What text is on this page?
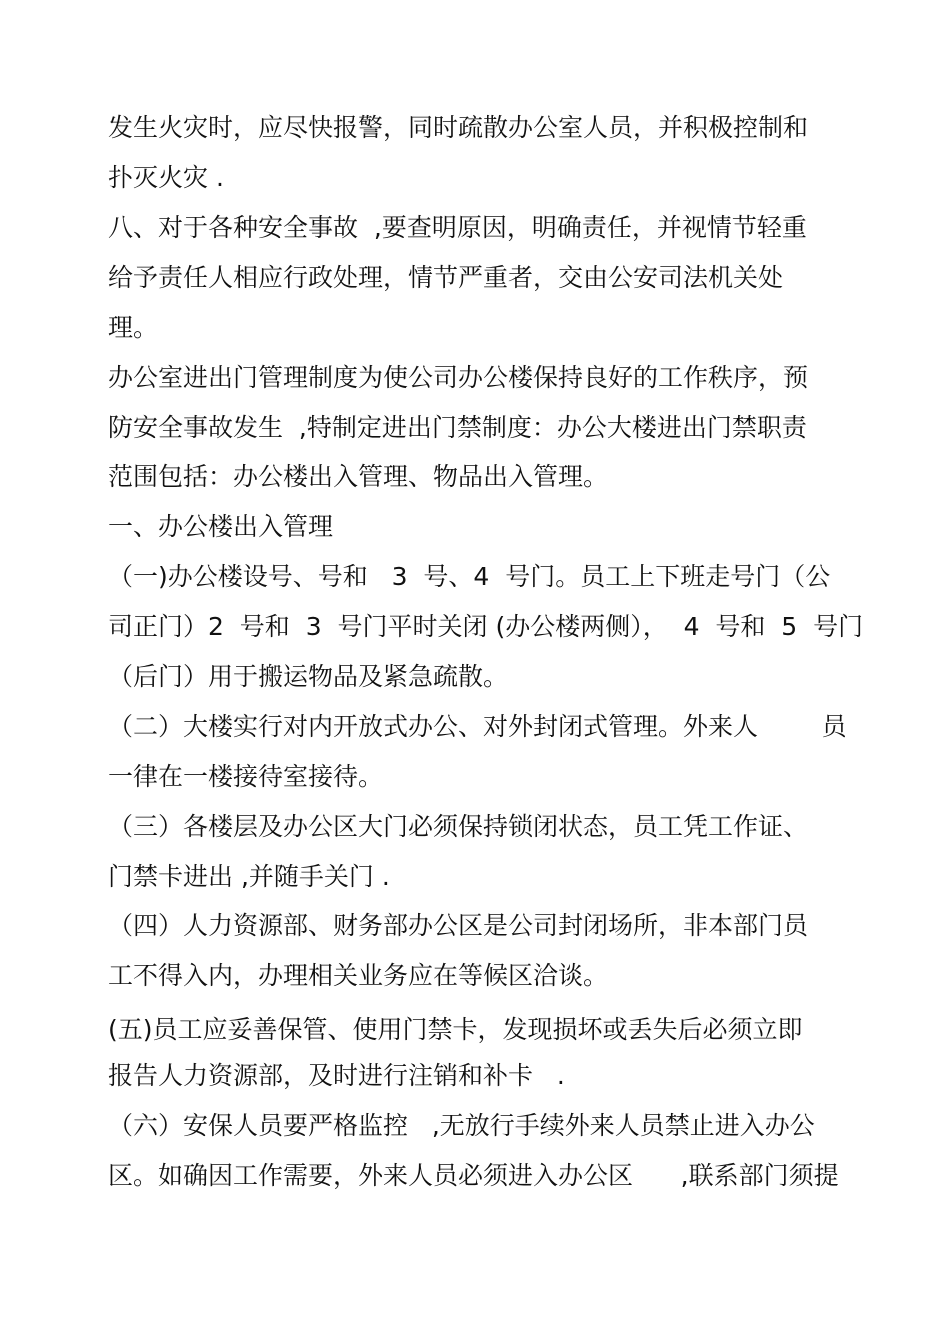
发生火灾时，应尽快报警，同时疏散办公室人员，并积极控制和
扑灭火灾 .
八、对于各种安全事故  ,要查明原因，明确责任，并视情节轻重
给予责任人相应行政处理，情节严重者，交由公安司法机关处
理。
办公室进出门管理制度为使公司办公楼保持良好的工作秩序，预
防安全事故发生  ,特制定进出门禁制度：办公大楼进出门禁职责
范围包括：办公楼出入管理、物品出入管理。
一、办公楼出入管理
（一)办公楼设号、号和   3  号、4  号门。员工上下班走号门（公
司正门）2  号和  3  号门平时关闭 (办公楼两侧），  4  号和  5  号门
（后门）用于搬运物品及紧急疏散。
（二）大楼实行对内开放式办公、对外封闭式管理。外来人        员
一律在一楼接待室接待。
（三）各楼层及办公区大门必须保持锁闭状态，员工凭工作证、
门禁卡进出 ,并随手关门 .
（四）人力资源部、财务部办公区是公司封闭场所，非本部门员
工不得入内，办理相关业务应在等候区洽谈。
(五)员工应妥善保管、使用门禁卡，发现损坏或丢失后必须立即
报告人力资源部，及时进行注销和补卡   .
（六）安保人员要严格监控   ,无放行手续外来人员禁止进入办公
区。如确因工作需要，外来人员必须进入办公区      ,联系部门须提
